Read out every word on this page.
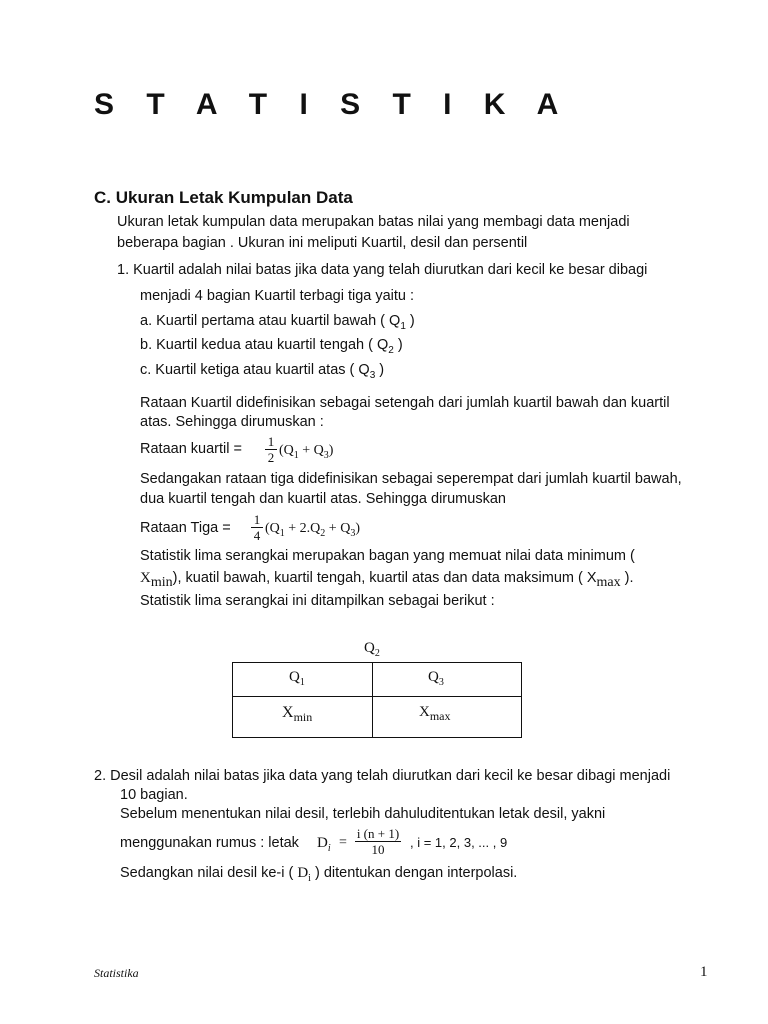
S T A T I S T I K A
C. Ukuran Letak Kumpulan Data
Ukuran letak kumpulan data merupakan batas nilai yang membagi data menjadi
beberapa bagian . Ukuran ini meliputi Kuartil, desil dan persentil
1. Kuartil adalah nilai batas jika data yang telah diurutkan dari kecil ke besar dibagi
menjadi 4 bagian Kuartil terbagi tiga yaitu :
a. Kuartil pertama atau kuartil bawah ( $Q_1$ )
b. Kuartil kedua atau kuartil tengah ( $Q_2$ )
c. Kuartil ketiga atau kuartil atas ( $Q_3$ )
Rataan Kuartil didefinisikan sebagai setengah dari jumlah kuartil bawah dan kuartil
atas. Sehingga dirumuskan :
Rataan kuartil = 1
2 $(Q_1 + Q_3)$
Sedangakan rataan tiga didefinisikan sebagai seperempat dari jumlah kuartil bawah,
dua kuartil tengah dan kuartil atas. Sehingga dirumuskan
Rataan Tiga =
1
4 $(Q_1 + 2.Q_2 + Q_3)$
Statistik lima serangkai merupakan bagan yang memuat nilai data minimum (
$X_{min}$), kuatil bawah, kuartil tengah, kuartil atas dan data maksimum ( $X_{max}$ ).
Statistik lima serangkai ini ditampilkan sebagai berikut :
$Q_2$
$Q_1$	$Q_3$
$X_{min}$	$X_{max}$
2. Desil adalah nilai batas jika data yang telah diurutkan dari kecil ke besar dibagi menjadi
10 bagian.
Sebelum menentukan nilai desil, terlebih dahuluditentukan letak desil, yakni
menggunakan rumus : letak $D_i$ =
i (n + 1)
10	, i = 1, 2, 3, ... , 9
Sedangkan nilai desil ke-i ( $D_i$ ) ditentukan dengan interpolasi.
Statistika	1
